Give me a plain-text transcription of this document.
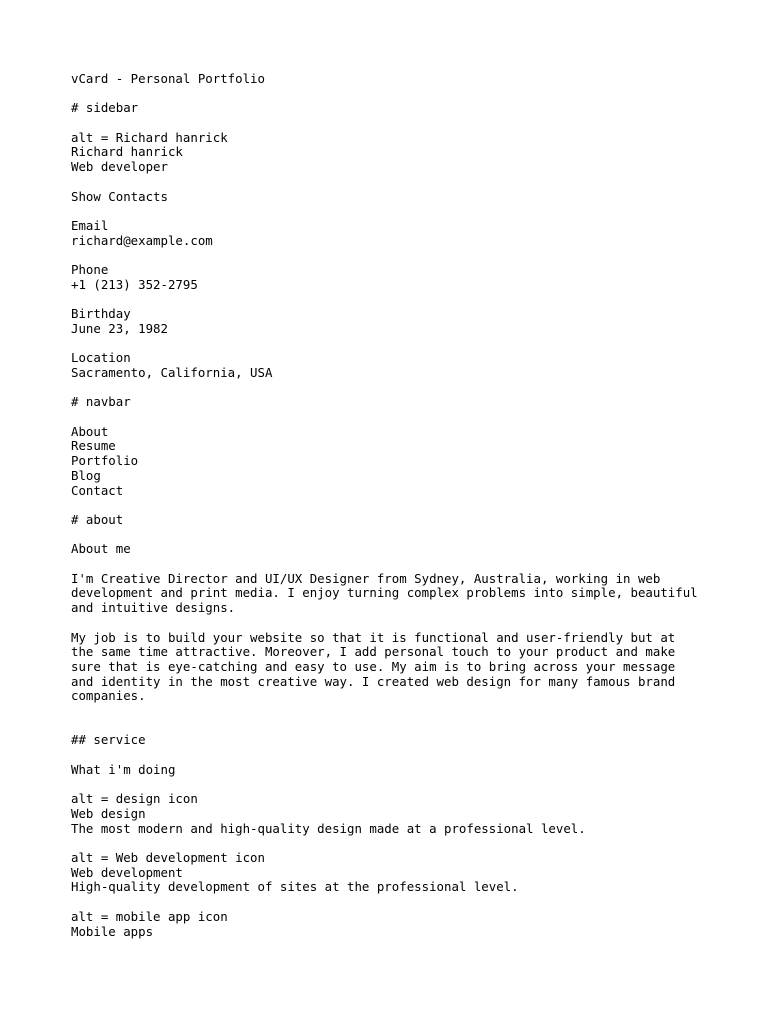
vCard - Personal Portfolio
# sidebar
alt = Richard hanrick
Richard hanrick
Web developer
Show Contacts
Email
richard@example.com
Phone
+1 (213) 352-2795
Birthday
June 23, 1982
Location
Sacramento, California, USA
# navbar
About
Resume
Portfolio
Blog
Contact
# about
About me
I'm Creative Director and UI/UX Designer from Sydney, Australia, working in web development and print media. I enjoy turning complex problems into simple, beautiful and intuitive designs.
My job is to build your website so that it is functional and user-friendly but at the same time attractive. Moreover, I add personal touch to your product and make sure that is eye-catching and easy to use. My aim is to bring across your message and identity in the most creative way. I created web design for many famous brand companies.
## service
What i'm doing
alt = design icon
Web design
The most modern and high-quality design made at a professional level.
alt = Web development icon
Web development
High-quality development of sites at the professional level.
alt = mobile app icon
Mobile apps
